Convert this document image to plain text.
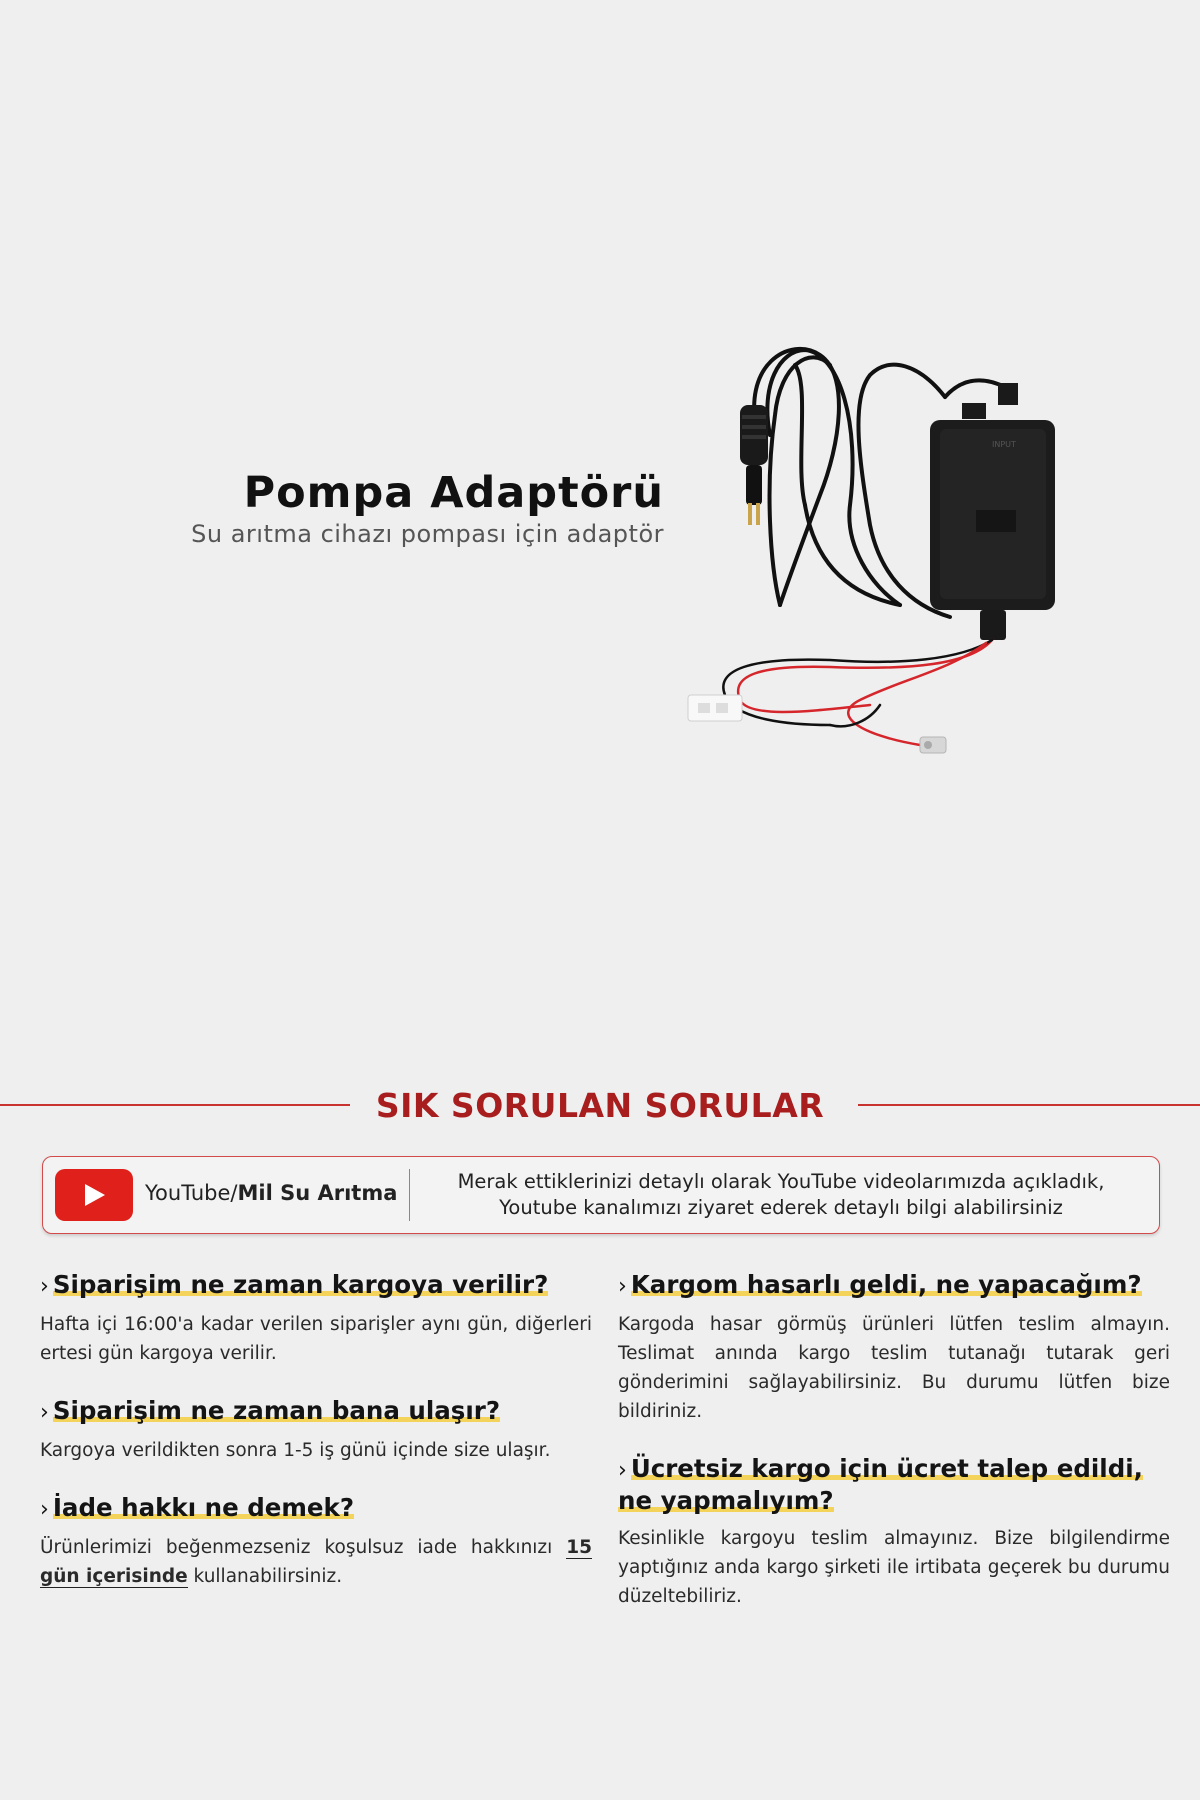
Pompa Adaptörü
Su arıtma cihazı pompası için adaptör
INPUT
SIK SORULAN SORULAR
YouTube/Mil Su Arıtma	Merak ettiklerinizi detaylı olarak YouTube videolarımızda açıkladık,
Youtube kanalımızı ziyaret ederek detaylı bilgi alabilirsiniz

› Siparişim ne zaman kargoya verilir?

Hafta içi 16:00'a kadar verilen siparişler aynı gün, diğerleri ertesi gün kargoya verilir.

› Siparişim ne zaman bana ulaşır?

Kargoya verildikten sonra 1-5 iş günü içinde size ulaşır.

› İade hakkı ne demek?

Ürünlerimizi beğenmezseniz koşulsuz iade hakkınızı 15 gün içerisinde kullanabilirsiniz.

› Kargom hasarlı geldi, ne yapacağım?

Kargoda hasar görmüş ürünleri lütfen teslim almayın. Teslimat anında kargo teslim tutanağı tutarak geri gönderimini sağlayabilirsiniz. Bu durumu lütfen bize bildiriniz.

› Ücretsiz kargo için ücret talep edildi,
ne yapmalıyım?

Kesinlikle kargoyu teslim almayınız. Bize bilgilendirme yaptığınız anda kargo şirketi ile irtibata geçerek bu durumu düzeltebiliriz.
